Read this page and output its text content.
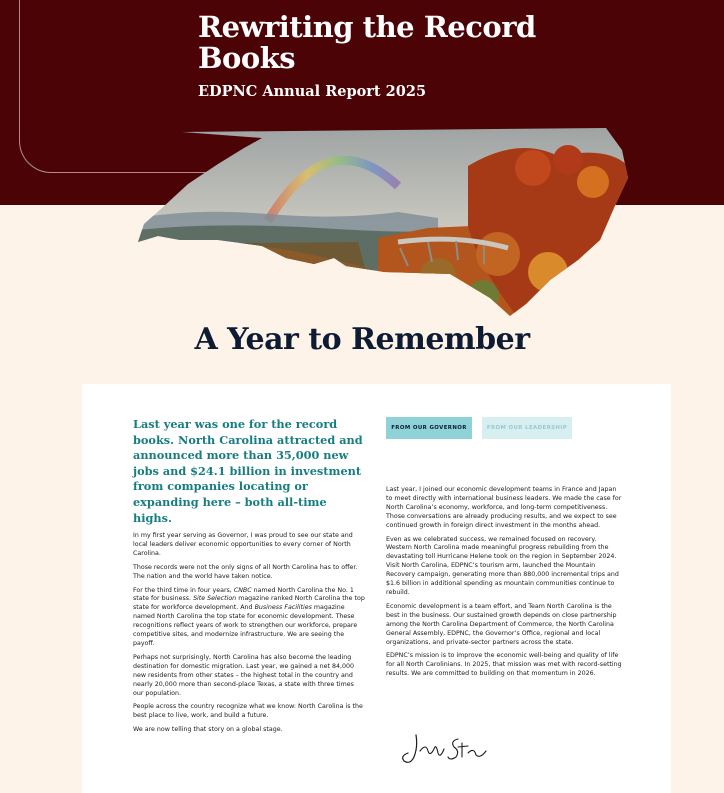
Rewriting the Record Books
EDPNC Annual Report 2025
A Year to Remember

Last year was one for the record books. North Carolina attracted and announced more than 35,000 new jobs and $24.1 billion in investment from companies locating or expanding here – both all-time highs.

FROM OUR GOVERNOR	FROM OUR LEADERSHIP

In my first year serving as Governor, I was proud to see our state and local leaders deliver economic opportunities to every corner of North Carolina.

Those records were not the only signs of all North Carolina has to offer. The nation and the world have taken notice.

For the third time in four years, CNBC named North Carolina the No. 1 state for business. Site Selection magazine ranked North Carolina the top state for workforce development. And Business Facilities magazine named North Carolina the top state for economic development. These recognitions reflect years of work to strengthen our workforce, prepare competitive sites, and modernize infrastructure. We are seeing the payoff.

Perhaps not surprisingly, North Carolina has also become the leading destination for domestic migration. Last year, we gained a net 84,000 new residents from other states – the highest total in the country and nearly 20,000 more than second-place Texas, a state with three times our population.

People across the country recognize what we know: North Carolina is the best place to live, work, and build a future.

We are now telling that story on a global stage.

Last year, I joined our economic development teams in France and Japan to meet directly with international business leaders. We made the case for North Carolina’s economy, workforce, and long-term competitiveness. Those conversations are already producing results, and we expect to see continued growth in foreign direct investment in the months ahead.

Even as we celebrated success, we remained focused on recovery. Western North Carolina made meaningful progress rebuilding from the devastating toll Hurricane Helene took on the region in September 2024. Visit North Carolina, EDPNC’s tourism arm, launched the Mountain Recovery campaign, generating more than 880,000 incremental trips and $1.6 billion in additional spending as mountain communities continue to rebuild.

Economic development is a team effort, and Team North Carolina is the best in the business. Our sustained growth depends on close partnership among the North Carolina Department of Commerce, the North Carolina General Assembly, EDPNC, the Governor’s Office, regional and local organizations, and private-sector partners across the state.

EDPNC’s mission is to improve the economic well-being and quality of life for all North Carolinians. In 2025, that mission was met with record-setting results. We are committed to building on that momentum in 2026.
